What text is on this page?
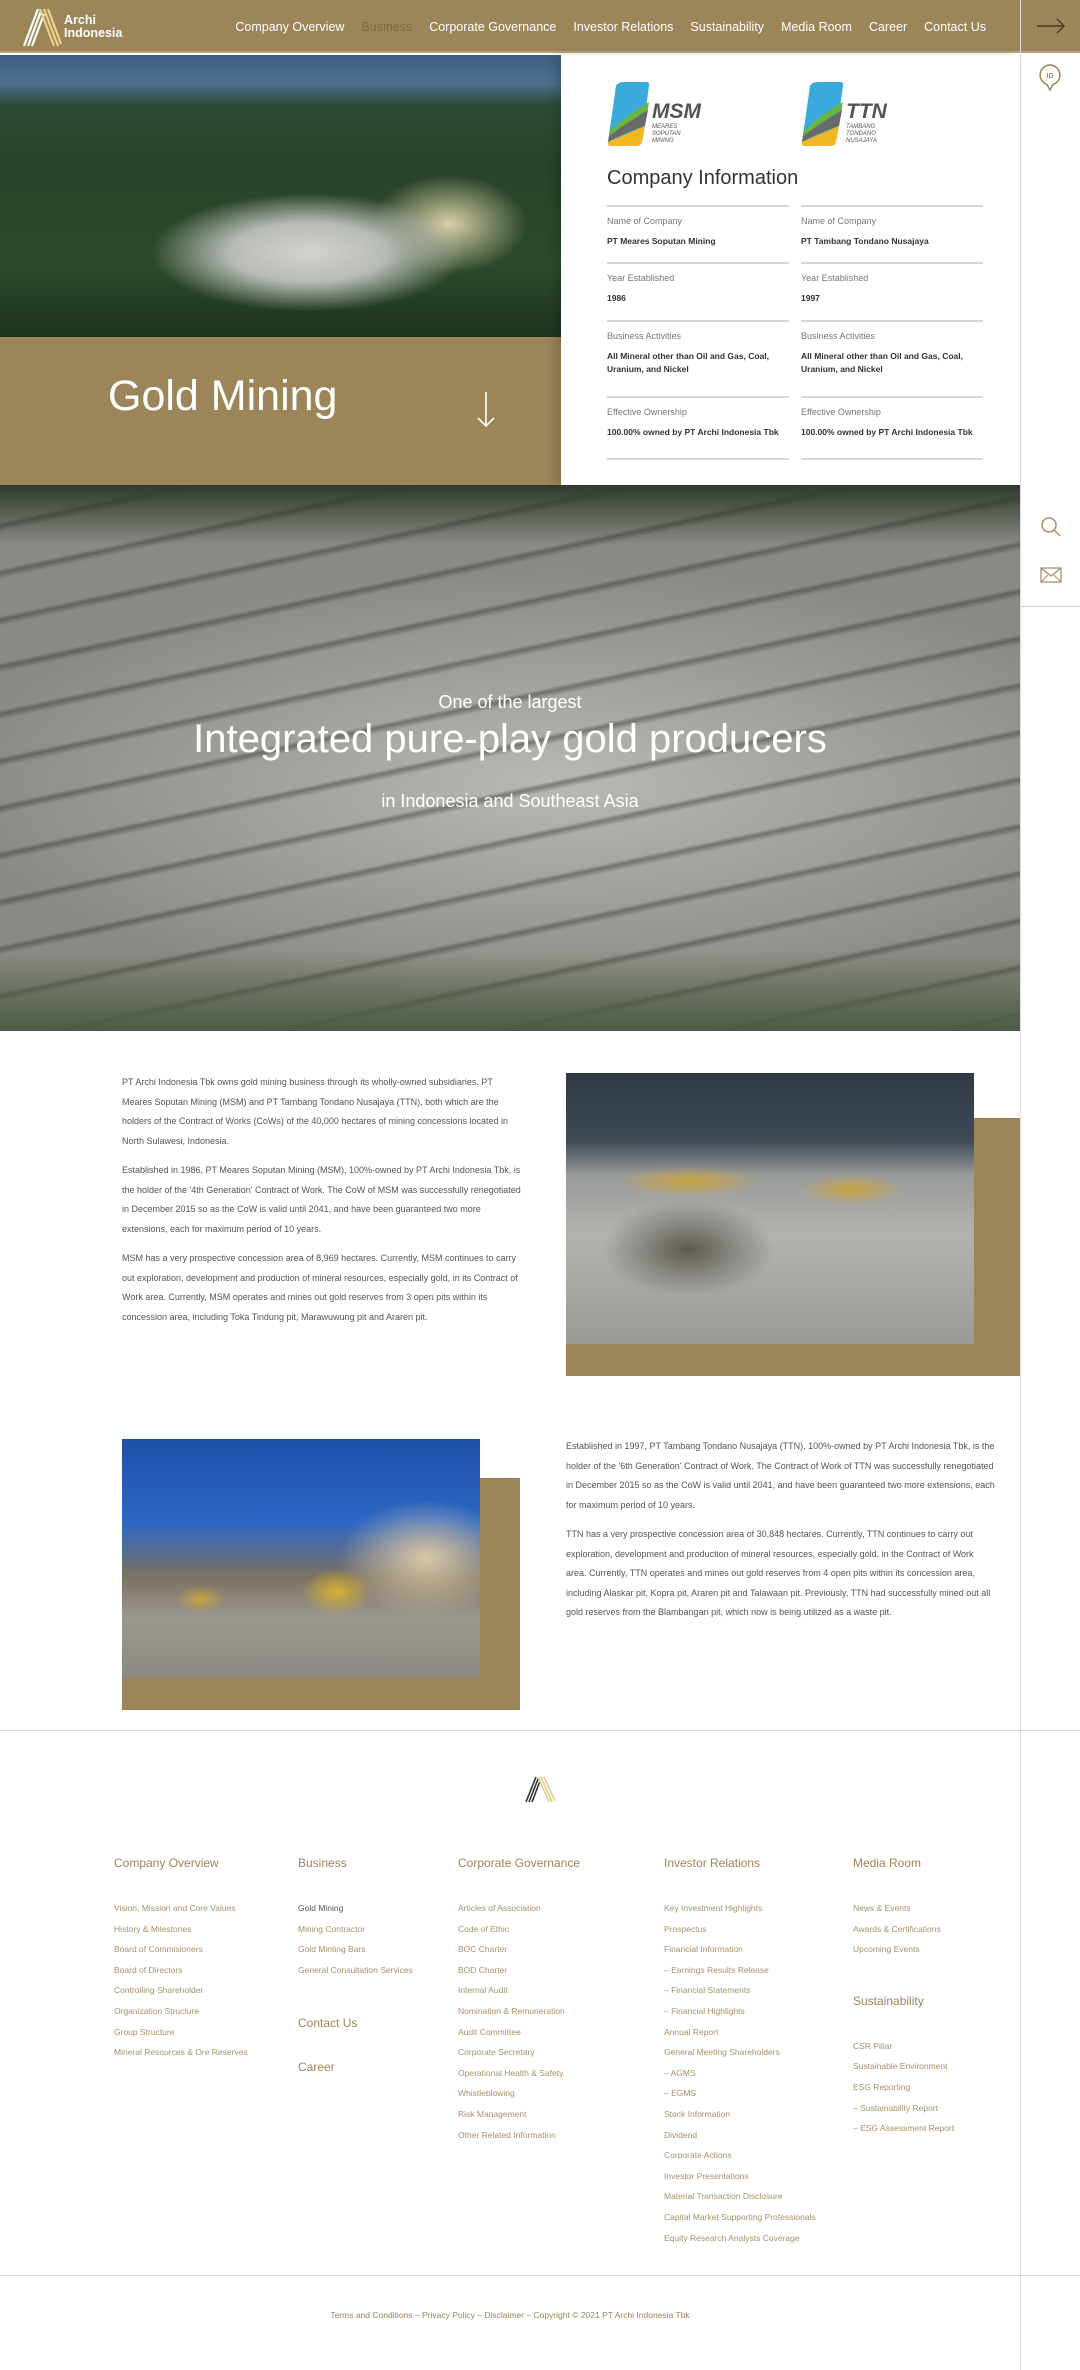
Archi
Indonesia	Company Overview Business Corporate Governance Investor Relations Sustainability Media Room Career Contact Us
ID
Gold Mining
MSM
MEARES
SOPUTAN
MINING
TTN
TAMBANG
TONDANO
NUSAJAYA
Company Information
Name of Company
PT Meares Soputan Mining
Year Established
1986
Business Activities
All Mineral other than Oil and Gas, Coal, Uranium, and Nickel
Effective Ownership
100.00% owned by PT Archi Indonesia Tbk
Name of Company
PT Tambang Tondano Nusajaya
Year Established
1997
Business Activities
All Mineral other than Oil and Gas, Coal, Uranium, and Nickel
Effective Ownership
100.00% owned by PT Archi Indonesia Tbk
One of the largest
Integrated pure-play gold producers
in Indonesia and Southeast Asia

PT Archi Indonesia Tbk owns gold mining business through its wholly-owned subsidiaries, PT Meares Soputan Mining (MSM) and PT Tambang Tondano Nusajaya (TTN), both which are the holders of the Contract of Works (CoWs) of the 40,000 hectares of mining concessions located in North Sulawesi, Indonesia.

Established in 1986, PT Meares Soputan Mining (MSM), 100%-owned by PT Archi Indonesia Tbk, is the holder of the '4th Generation' Contract of Work. The CoW of MSM was successfully renegotiated in December 2015 so as the CoW is valid until 2041, and have been guaranteed two more extensions, each for maximum period of 10 years.

MSM has a very prospective concession area of 8,969 hectares. Currently, MSM continues to carry out exploration, development and production of mineral resources, especially gold, in its Contract of Work area. Currently, MSM operates and mines out gold reserves from 3 open pits within its concession area, including Toka Tindung pit, Marawuwung pit and Araren pit.

Established in 1997, PT Tambang Tondano Nusajaya (TTN), 100%-owned by PT Archi Indonesia Tbk, is the holder of the '6th Generation' Contract of Work. The Contract of Work of TTN was successfully renegotiated in December 2015 so as the CoW is valid until 2041, and have been guaranteed two more extensions, each for maximum period of 10 years.

TTN has a very prospective concession area of 30,848 hectares. Currently, TTN continues to carry out exploration, development and production of mineral resources, especially gold, in the Contract of Work area. Currently, TTN operates and mines out gold reserves from 4 open pits within its concession area, including Alaskar pit, Kopra pit, Araren pit and Talawaan pit. Previously, TTN had successfully mined out all gold reserves from the Blambangan pit, which now is being utilized as a waste pit.

Company Overview
Vision, Mission and Core Values
History & Milestones
Board of Commisioners
Board of Directors
Controlling Shareholder
Organization Structure
Group Structure
Mineral Resources & Ore Reserves
Business
Gold Mining
Mining Contractor
Gold Minting Bars
General Consultation Services
Contact Us
Career
Corporate Governance
Articles of Association
Code of Ethic
BOC Charter
BOD Charter
Internal Audit
Nomination & Remuneration
Audit Committee
Corporate Secretary
Operational Health & Safety
Whistleblowing
Risk Management
Other Related Information
Investor Relations
Key Investment Highlights
Prospectus
Financial Information
– Earnings Results Release
– Financial Statements
– Financial Highlights
Annual Report
General Meeting Shareholders
– AGMS
– EGMS
Stock Information
Dividend
Corporate Actions
Investor Presentations
Material Transaction Disclosure
Capital Market Supporting Professionals
Equity Research Analysts Coverage
Media Room
News & Events
Awards & Certifications
Upcoming Events
Sustainability
CSR Pillar
Sustainable Environment
ESG Reporting
– Sustainability Report
– ESG Assessment Report
Terms and Conditions – Privacy Policy – Disclaimer – Copyright © 2021 PT Archi Indonesia Tbk
